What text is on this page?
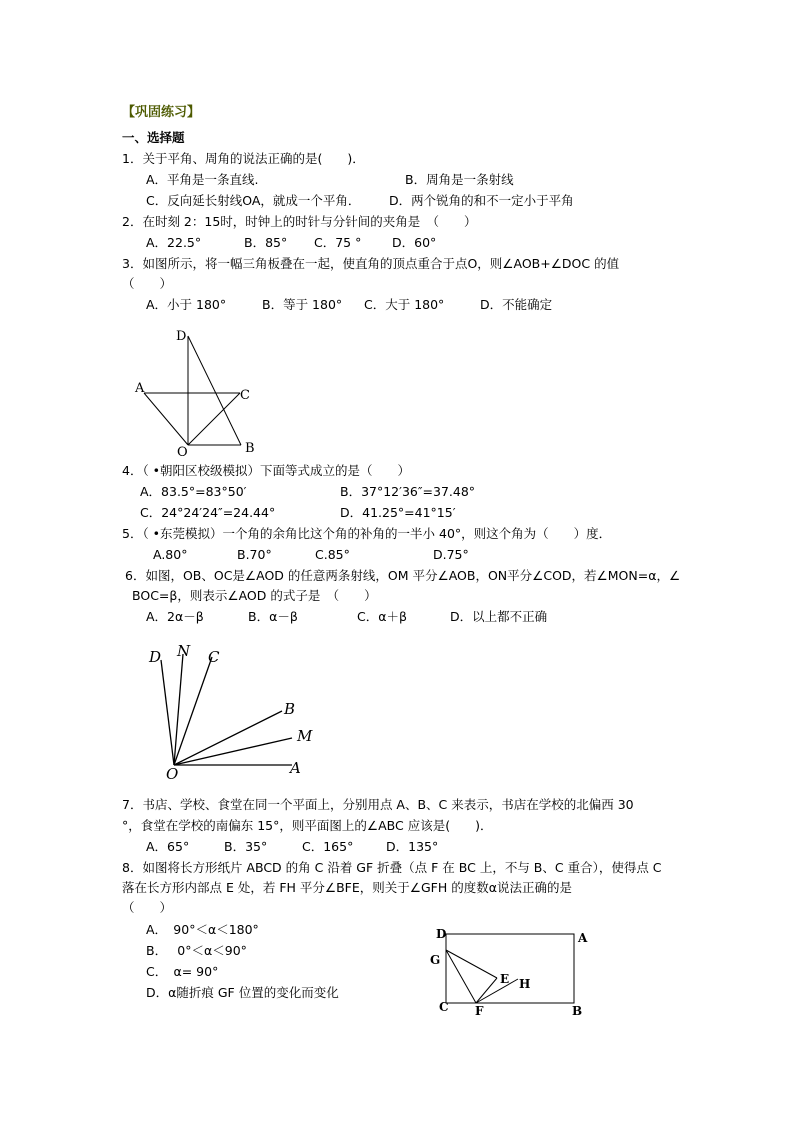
【巩固练习】
一、选择题
1．关于平角、周角的说法正确的是(　　)．
A．平角是一条直线.	B．周角是一条射线
C．反向延长射线OA，就成一个平角． D．两个锐角的和不一定小于平角
2．在时刻 2：15时，时钟上的时针与分针间的夹角是　（　　）
A．22.5°	B．85° C．75 ° D．60°
3．如图所示，将一幅三角板叠在一起，使直角的顶点重合于点O，则∠AOB+∠DOC 的值
（　　）
A．小于 180°	B．等于 180° C．大于 180°	D．不能确定
D
A	C
O	B
4．（ •朝阳区校级模拟）下面等式成立的是（　　）
A．83.5°=83°50′	B．37°12′36″=37.48°
C．24°24′24″=24.44°	D．41.25°=41°15′
5．（ •东莞模拟）一个角的余角比这个角的补角的一半小 40°，则这个角为（　　）度．
A.80°	B.70°	C.85°	D.75°
6．如图，OB、OC是∠AOD 的任意两条射线，OM 平分∠AOB，ON平分∠COD，若∠MON=α，∠
BOC=β，则表示∠AOD 的式子是　（　　）
A．2α－β	B．α－β	C．α＋β	D．以上都不正确
D N C
B
M
O	A
7．书店、学校、食堂在同一个平面上，分别用点 A、B、C 来表示，书店在学校的北偏西 30
°，食堂在学校的南偏东 15°，则平面图上的∠ABC 应该是(　　)．
A．65°	B．35°	C．165°	D．135°
8．如图将长方形纸片 ABCD 的角 C 沿着 GF 折叠（点 F 在 BC 上，不与 B、C 重合），使得点 C
落在长方形内部点 E 处，若 FH 平分∠BFE，则关于∠GFH 的度数α说法正确的是
（　　）
A．　90°＜α＜180°
B．　 0°＜α＜90°
C．　α= 90°
D．α随折痕 GF 位置的变化而变化
D	A
G
E H
C F	B
